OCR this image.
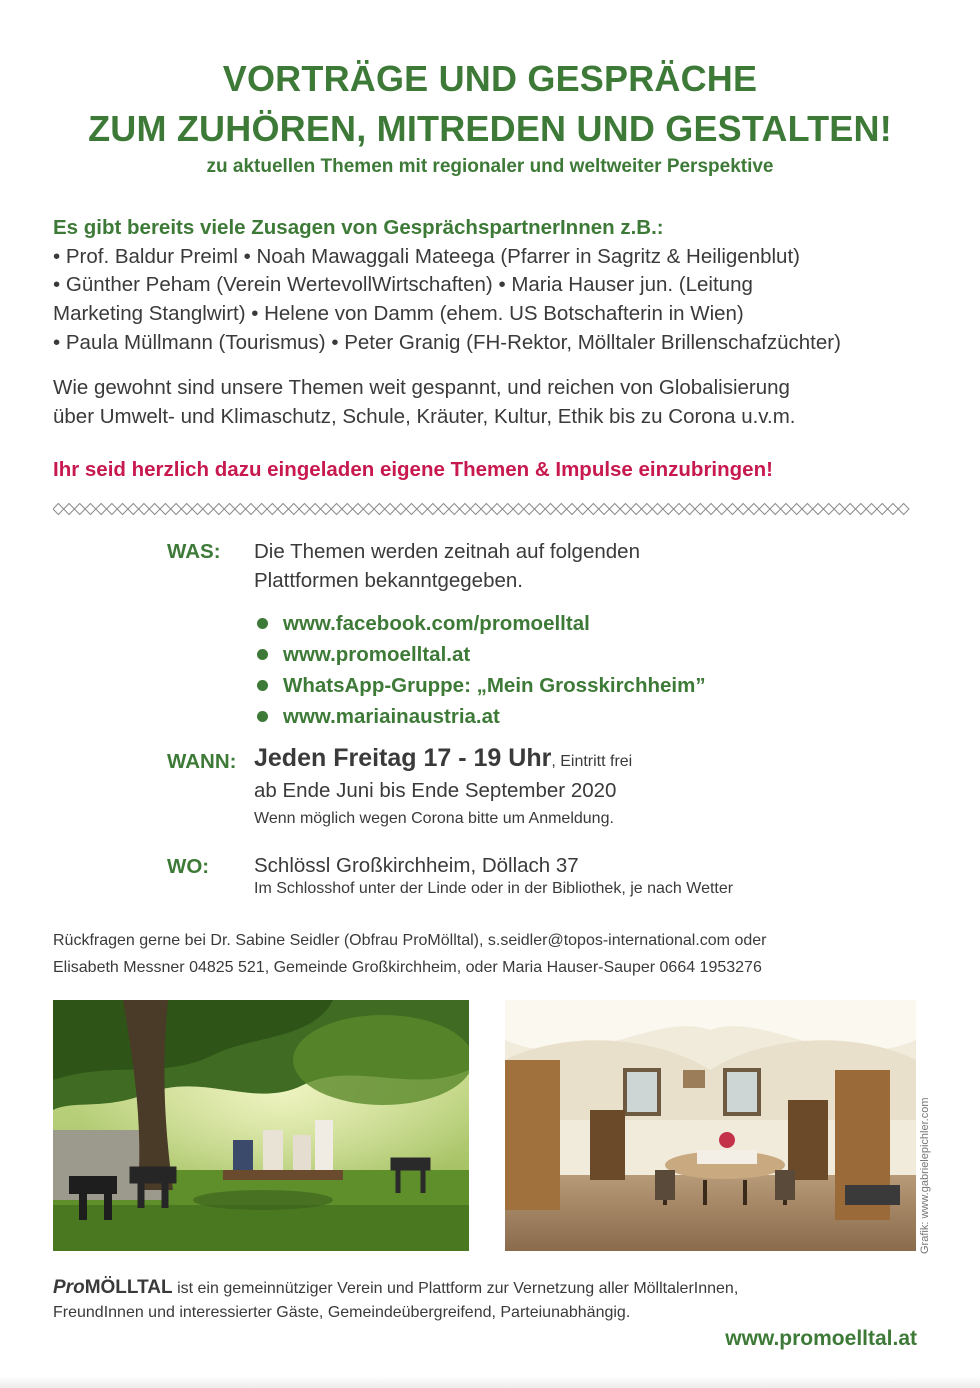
VORTRÄGE UND GESPRÄCHE
ZUM ZUHÖREN, MITREDEN UND GESTALTEN!
zu aktuellen Themen mit regionaler und weltweiter Perspektive
Es gibt bereits viele Zusagen von GesprächspartnerInnen z.B.:
• Prof. Baldur Preiml • Noah Mawaggali Mateega (Pfarrer in Sagritz & Heiligenblut)
• Günther Peham (Verein WertevollWirtschaften) • Maria Hauser jun. (Leitung
Marketing Stanglwirt) • Helene von Damm (ehem. US Botschafterin in Wien)
• Paula Müllmann (Tourismus) • Peter Granig (FH-Rektor, Mölltaler Brillenschafzüchter)
Wie gewohnt sind unsere Themen weit gespannt, und reichen von Globalisierung
über Umwelt- und Klimaschutz, Schule, Kräuter, Kultur, Ethik bis zu Corona u.v.m.
Ihr seid herzlich dazu eingeladen eigene Themen & Impulse einzubringen!
WAS: Die Themen werden zeitnah auf folgenden
Plattformen bekanntgegeben.
www.facebook.com/promoelltal
www.promoelltal.at
WhatsApp-Gruppe: „Mein Grosskirchheim”
www.mariainaustria.at
WANN: Jeden Freitag 17 - 19 Uhr, Eintritt frei
ab Ende Juni bis Ende September 2020
Wenn möglich wegen Corona bitte um Anmeldung.
WO: Schlössl Großkirchheim, Döllach 37
Im Schlosshof unter der Linde oder in der Bibliothek, je nach Wetter
Rückfragen gerne bei Dr. Sabine Seidler (Obfrau ProMölltal), s.seidler@topos-international.com oder
Elisabeth Messner 04825 521, Gemeinde Großkirchheim, oder Maria Hauser-Sauper 0664 1953276
Grafik: www.gabrielepichler.com
ProMÖLLTAL ist ein gemeinnütziger Verein und Plattform zur Vernetzung aller MölltalerInnen,
FreundInnen und interessierter Gäste, Gemeindeübergreifend, Parteiunabhängig.
www.promoelltal.at
